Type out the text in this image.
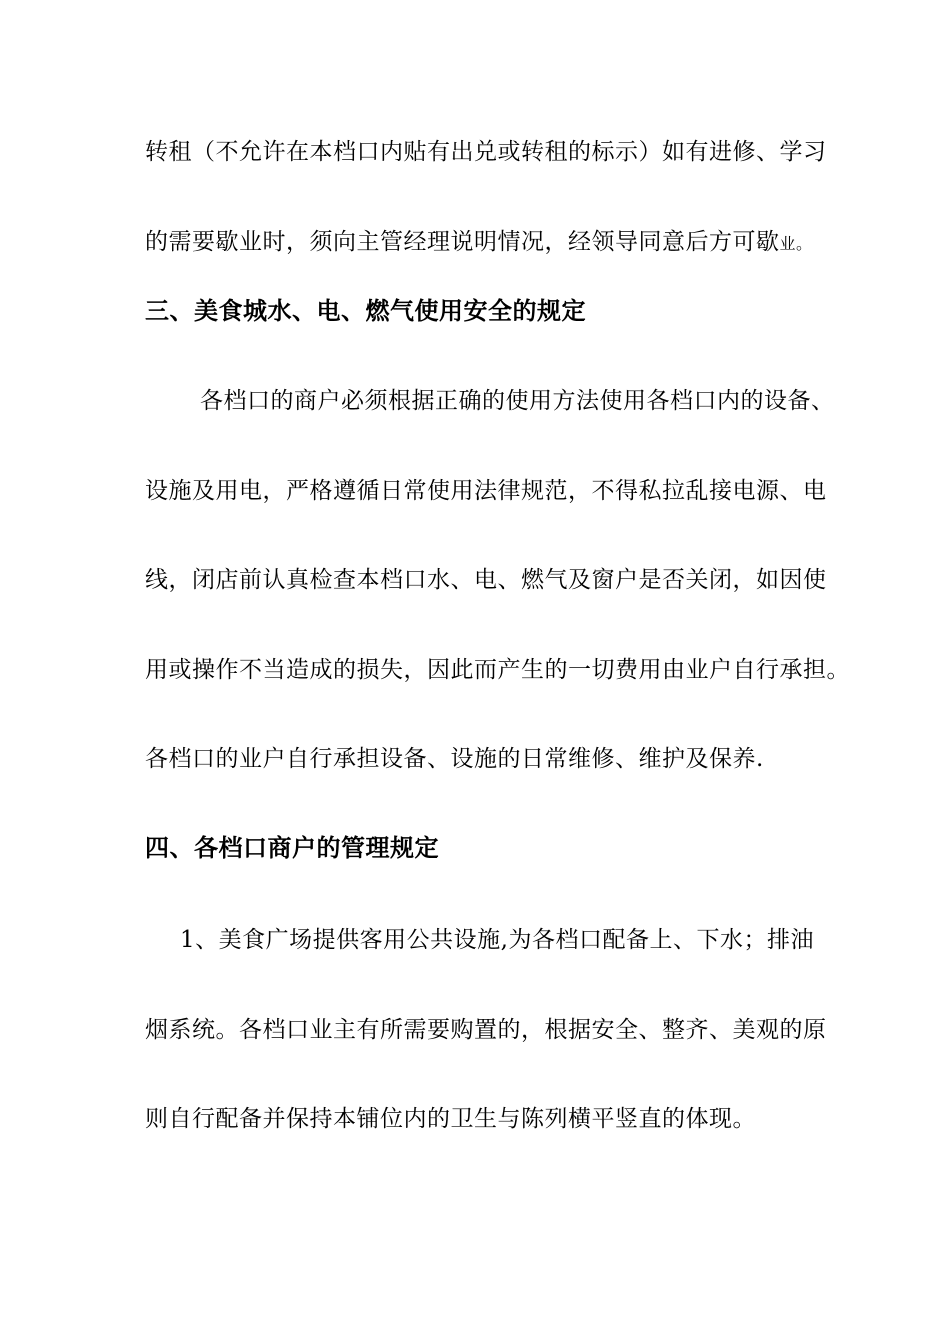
转租（不允许在本档口内贴有出兑或转租的标示）如有进修、学习
的需要歇业时，须向主管经理说明情况，经领导同意后方可歇业。
三、美食城水、电、燃气使用安全的规定
各档口的商户必须根据正确的使用方法使用各档口内的设备、
设施及用电，严格遵循日常使用法律规范，不得私拉乱接电源、电
线，闭店前认真检查本档口水、电、燃气及窗户是否关闭，如因使
用或操作不当造成的损失，因此而产生的一切费用由业户自行承担。
各档口的业户自行承担设备、设施的日常维修、维护及保养.
四、各档口商户的管理规定
1、美食广场提供客用公共设施,为各档口配备上、下水；排油
烟系统。各档口业主有所需要购置的，根据安全、整齐、美观的原
则自行配备并保持本铺位内的卫生与陈列横平竖直的体现。
